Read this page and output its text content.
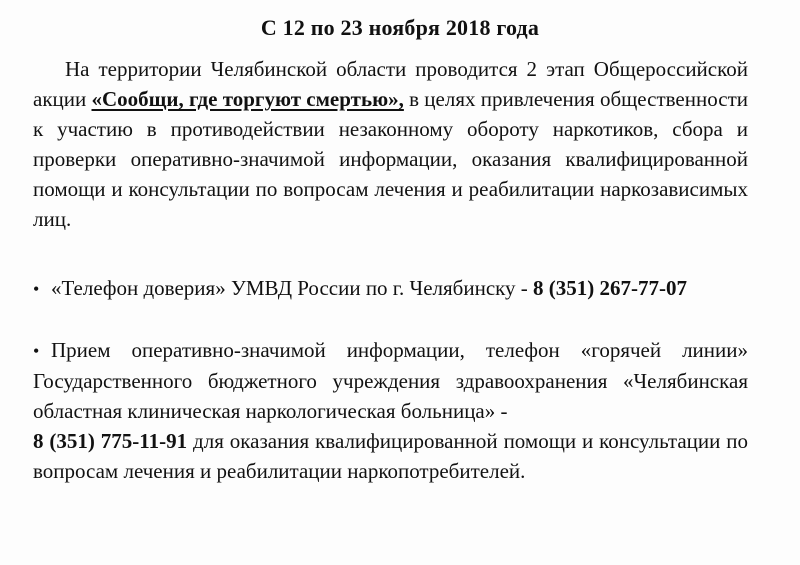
С 12 по 23 ноября 2018 года
На территории Челябинской области проводится 2 этап Общероссийской акции «Сообщи, где торгуют смертью», в целях привлечения общественности к участию в противодействии незаконному обороту наркотиков, сбора и проверки оперативно-значимой информации, оказания квалифицированной помощи и консультации по вопросам лечения и реабилитации наркозависимых лиц.
• «Телефон доверия» УМВД России по г. Челябинску - 8 (351) 267-77-07
• Прием оперативно-значимой информации, телефон «горячей линии» Государственного бюджетного учреждения здравоохранения «Челябинская областная клиническая наркологическая больница» -
8 (351) 775-11-91 для оказания квалифицированной помощи и консультации по вопросам лечения и реабилитации наркопотребителей.
